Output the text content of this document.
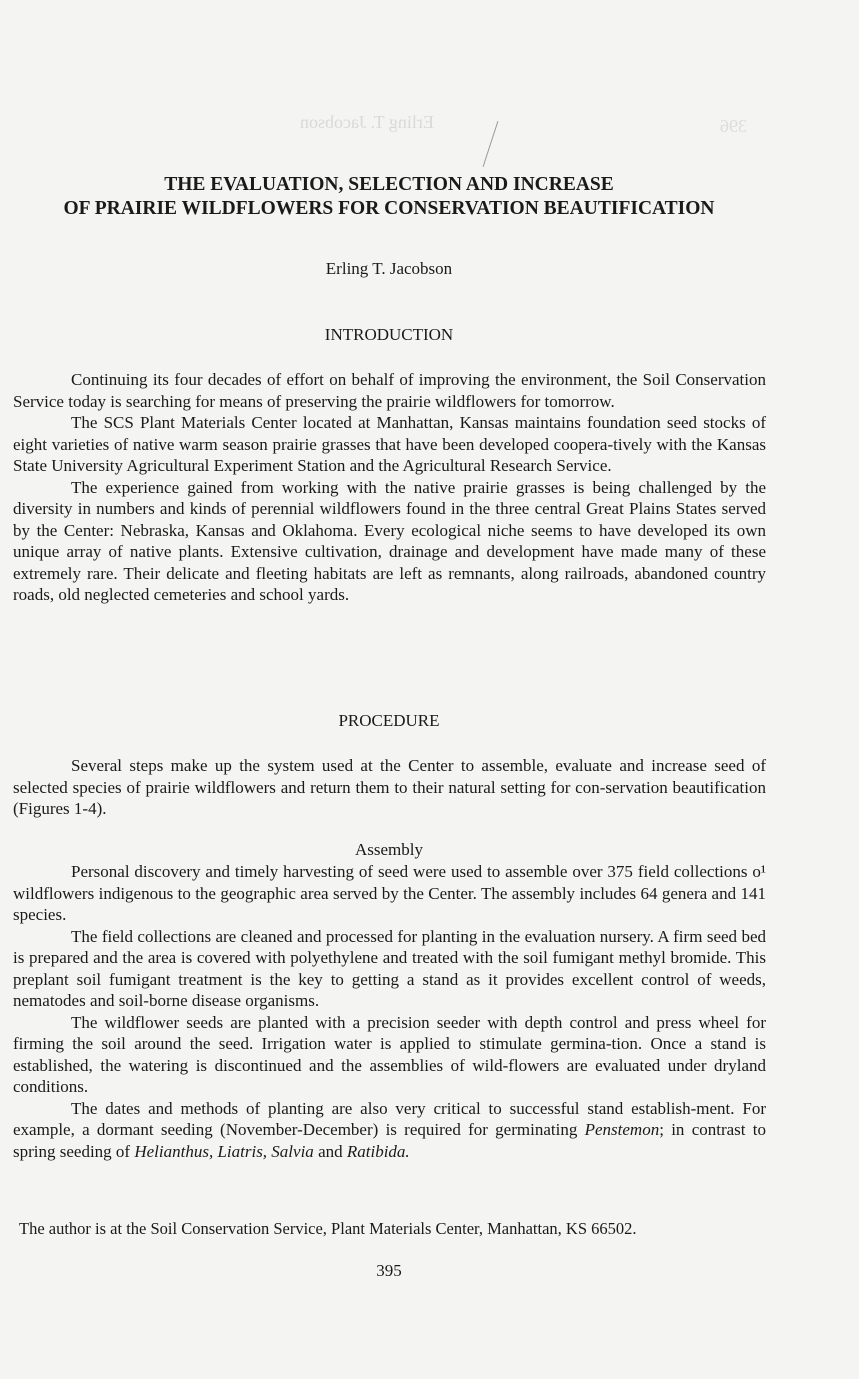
Erling T. Jacobson	396
THE EVALUATION, SELECTION AND INCREASE
OF PRAIRIE WILDFLOWERS FOR CONSERVATION BEAUTIFICATION
Erling T. Jacobson
INTRODUCTION

Continuing its four decades of effort on behalf of improving the environment, the Soil Conservation Service today is searching for means of preserving the prairie wildflowers for tomorrow.

The SCS Plant Materials Center located at Manhattan, Kansas maintains foundation seed stocks of eight varieties of native warm season prairie grasses that have been developed coopera-tively with the Kansas State University Agricultural Experiment Station and the Agricultural Research Service.

The experience gained from working with the native prairie grasses is being challenged by the diversity in numbers and kinds of perennial wildflowers found in the three central Great Plains States served by the Center: Nebraska, Kansas and Oklahoma. Every ecological niche seems to have developed its own unique array of native plants. Extensive cultivation, drainage and development have made many of these extremely rare. Their delicate and fleeting habitats are left as remnants, along railroads, abandoned country roads, old neglected cemeteries and school yards.

PROCEDURE

Several steps make up the system used at the Center to assemble, evaluate and increase seed of selected species of prairie wildflowers and return them to their natural setting for con-servation beautification (Figures 1-4).

Assembly

Personal discovery and timely harvesting of seed were used to assemble over 375 field collections o¹ wildflowers indigenous to the geographic area served by the Center. The assembly includes 64 genera and 141 species.

The field collections are cleaned and processed for planting in the evaluation nursery. A firm seed bed is prepared and the area is covered with polyethylene and treated with the soil fumigant methyl bromide. This preplant soil fumigant treatment is the key to getting a stand as it provides excellent control of weeds, nematodes and soil-borne disease organisms.

The wildflower seeds are planted with a precision seeder with depth control and press wheel for firming the soil around the seed. Irrigation water is applied to stimulate germina-tion. Once a stand is established, the watering is discontinued and the assemblies of wild-flowers are evaluated under dryland conditions.

The dates and methods of planting are also very critical to successful stand establish-ment. For example, a dormant seeding (November-December) is required for germinating Penstemon; in contrast to spring seeding of Helianthus, Liatris, Salvia and Ratibida.

The author is at the Soil Conservation Service, Plant Materials Center, Manhattan, KS 66502.
395
